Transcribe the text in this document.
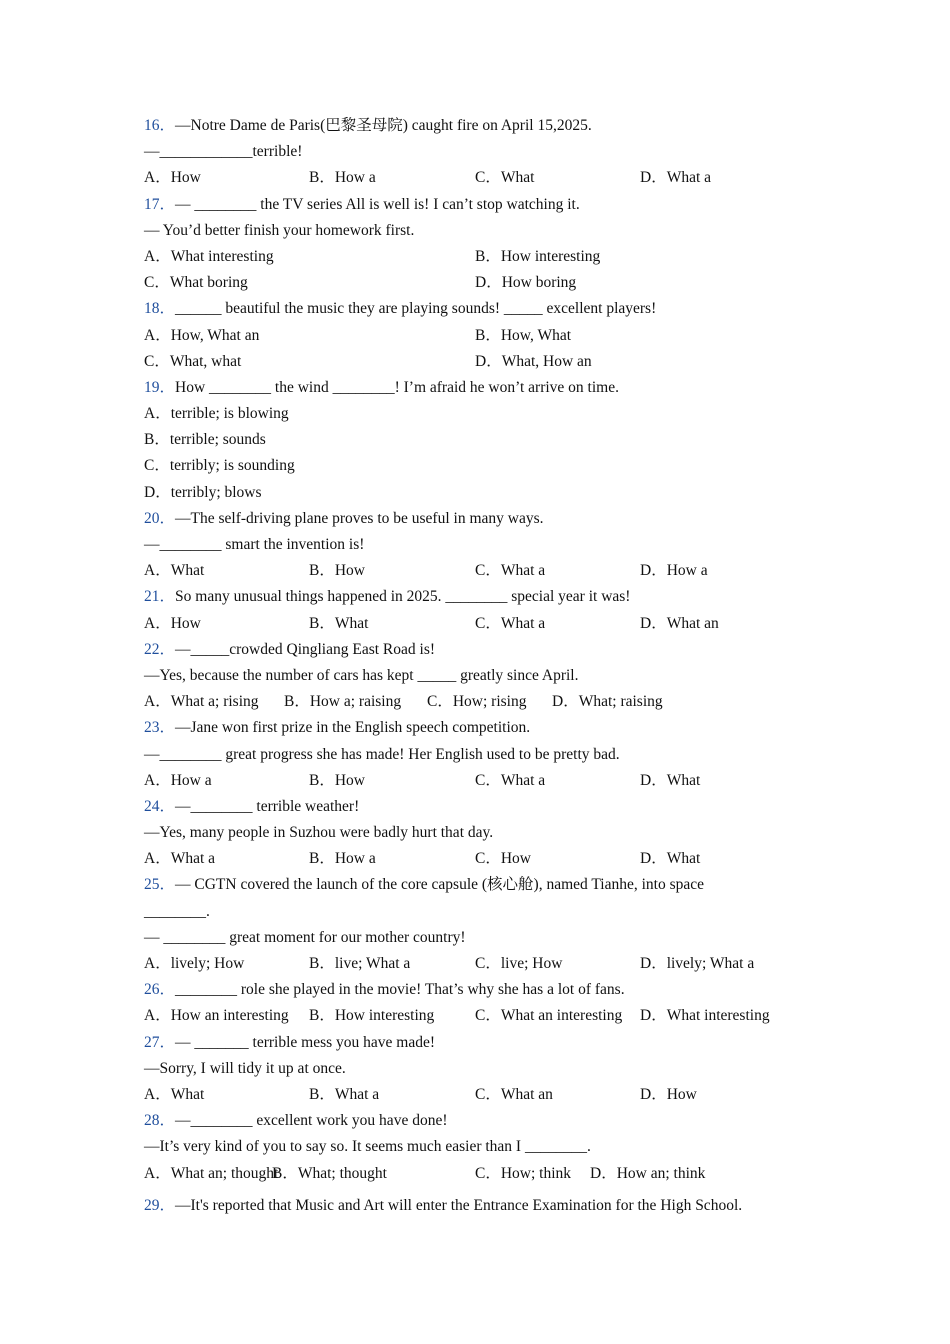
16．—Notre Dame de Paris(巴黎圣母院) caught fire on April 15,2025.
—____________terrible!
A．How	B．How a	C．What	D．What a
17．— ________ the TV series All is well is! I can’t stop watching it.
— You’d better finish your homework first.
A．What interesting	B．How interesting
C．What boring	D．How boring
18．______ beautiful the music they are playing sounds! _____ excellent players!
A．How, What an	B．How, What
C．What, what	D．What, How an
19．How ________ the wind ________! I’m afraid he won’t arrive on time.
A．terrible; is blowing
B．terrible; sounds
C．terribly; is sounding
D．terribly; blows
20．—The self-driving plane proves to be useful in many ways.
—________ smart the invention is!
A．What	B．How	C．What a	D．How a
21．So many unusual things happened in 2025. ________ special year it was!
A．How	B．What	C．What a	D．What an
22．—_____crowded Qingliang East Road is!
—Yes, because the number of cars has kept _____ greatly since April.
A．What a; rising B．How a; raising C．How; rising D．What; raising
23．—Jane won first prize in the English speech competition.
—________ great progress she has made! Her English used to be pretty bad.
A．How a	B．How	C．What a	D．What
24．—________ terrible weather!
—Yes, many people in Suzhou were badly hurt that day.
A．What a	B．How a	C．How	D．What
25．— CGTN covered the launch of the core capsule (核心舱), named Tianhe, into space
________.
— ________ great moment for our mother country!
A．lively; How	B．live; What a	C．live; How	D．lively; What a
26．________ role she played in the movie! That’s why she has a lot of fans.
A．How an interesting B．How interesting	C．What an interesting D．What interesting
27．— _______ terrible mess you have made!
—Sorry, I will tidy it up at once.
A．What	B．What a	C．What an	D．How
28．—________ excellent work you have done!
—It’s very kind of you to say so. It seems much easier than I ________.
A．What an; thought
B．What; thought	C．How; think D．How an; think
29．—It's reported that Music and Art will enter the Entrance Examination for the High School.
